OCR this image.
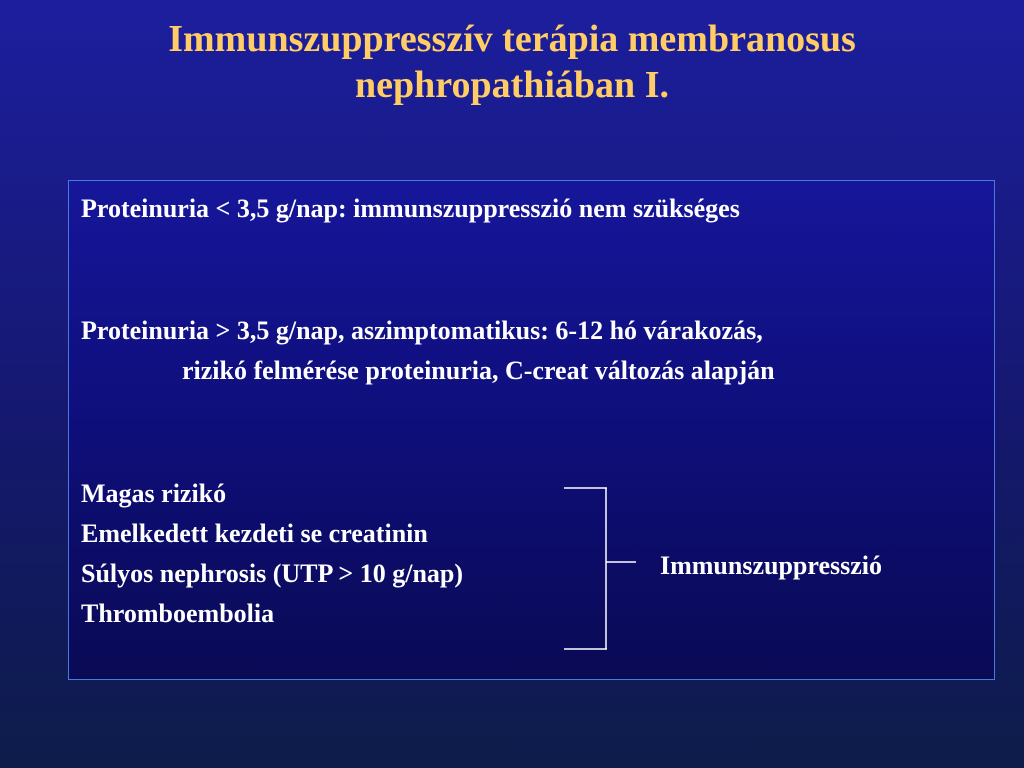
Immunszuppresszív terápia membranosus
nephropathiában I.

Proteinuria < 3,5 g/nap: immunszuppresszió nem szükséges

Proteinuria > 3,5 g/nap, aszimptomatikus: 6-12 hó várakozás,

rizikó felmérése proteinuria, C-creat változás alapján

Magas rizikó

Emelkedett kezdeti se creatinin

Súlyos nephrosis (UTP > 10 g/nap)

Thromboembolia

Immunszuppresszió
